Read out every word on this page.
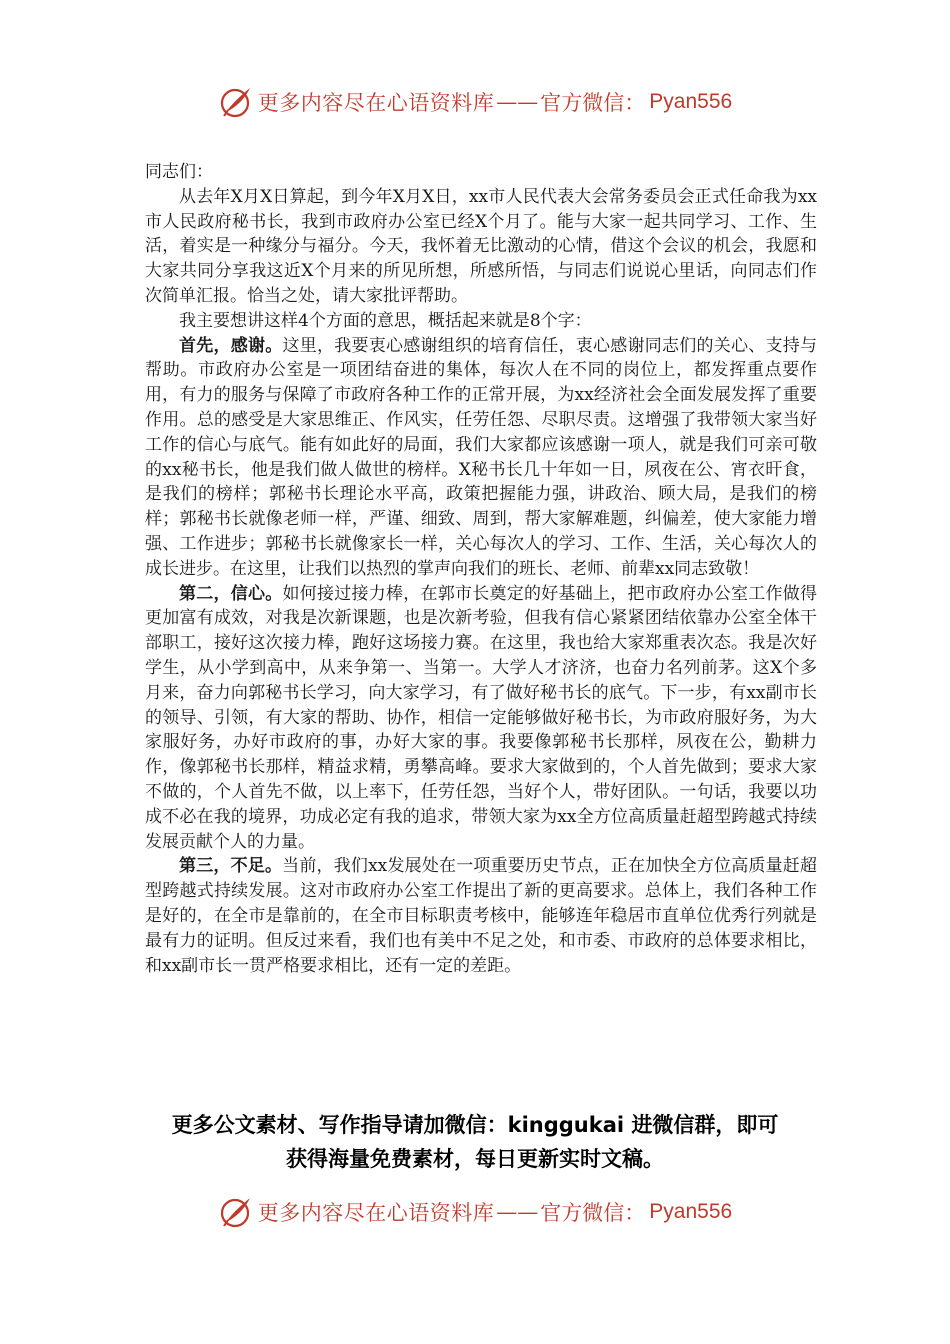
更多内容尽在心语资料库 —— 官方微信： Pyan556

同志们：

从去年X月X日算起，到今年X月X日，xx市人民代表大会常务委员会正式任命我为xx市人民政府秘书长，我到市政府办公室已经X个月了。能与大家一起共同学习、工作、生活，着实是一种缘分与福分。今天，我怀着无比激动的心情，借这个会议的机会，我愿和大家共同分享我这近X个月来的所见所想，所感所悟，与同志们说说心里话，向同志们作次简单汇报。恰当之处，请大家批评帮助。

我主要想讲这样4个方面的意思，概括起来就是8个字：

首先，感谢。这里，我要衷心感谢组织的培育信任，衷心感谢同志们的关心、支持与帮助。市政府办公室是一项团结奋进的集体，每次人在不同的岗位上，都发挥重点要作用，有力的服务与保障了市政府各种工作的正常开展，为xx经济社会全面发展发挥了重要作用。总的感受是大家思维正、作风实，任劳任怨、尽职尽责。这增强了我带领大家当好工作的信心与底气。能有如此好的局面，我们大家都应该感谢一项人，就是我们可亲可敬的xx秘书长，他是我们做人做世的榜样。X秘书长几十年如一日，夙夜在公、宵衣旰食，是我们的榜样；郭秘书长理论水平高，政策把握能力强，讲政治、顾大局，是我们的榜样；郭秘书长就像老师一样，严谨、细致、周到，帮大家解难题，纠偏差，使大家能力增强、工作进步；郭秘书长就像家长一样，关心每次人的学习、工作、生活，关心每次人的成长进步。在这里，让我们以热烈的掌声向我们的班长、老师、前辈xx同志致敬！

第二，信心。如何接过接力棒，在郭市长奠定的好基础上，把市政府办公室工作做得更加富有成效，对我是次新课题，也是次新考验，但我有信心紧紧团结依靠办公室全体干部职工，接好这次接力棒，跑好这场接力赛。在这里，我也给大家郑重表次态。我是次好学生，从小学到高中，从来争第一、当第一。大学人才济济，也奋力名列前茅。这X个多月来，奋力向郭秘书长学习，向大家学习，有了做好秘书长的底气。下一步，有xx副市长的领导、引领，有大家的帮助、协作，相信一定能够做好秘书长，为市政府服好务，为大家服好务，办好市政府的事，办好大家的事。我要像郭秘书长那样，夙夜在公，勤耕力作，像郭秘书长那样，精益求精，勇攀高峰。要求大家做到的，个人首先做到；要求大家不做的，个人首先不做，以上率下，任劳任怨，当好个人，带好团队。一句话，我要以功成不必在我的境界，功成必定有我的追求，带领大家为xx全方位高质量赶超型跨越式持续发展贡献个人的力量。

第三，不足。当前，我们xx发展处在一项重要历史节点，正在加快全方位高质量赶超型跨越式持续发展。这对市政府办公室工作提出了新的更高要求。总体上，我们各种工作是好的，在全市是靠前的，在全市目标职责考核中，能够连年稳居市直单位优秀行列就是最有力的证明。但反过来看，我们也有美中不足之处，和市委、市政府的总体要求相比，和xx副市长一贯严格要求相比，还有一定的差距。

更多公文素材、写作指导请加微信：kinggukai 进微信群，即可
获得海量免费素材，每日更新实时文稿。
更多内容尽在心语资料库 —— 官方微信： Pyan556
